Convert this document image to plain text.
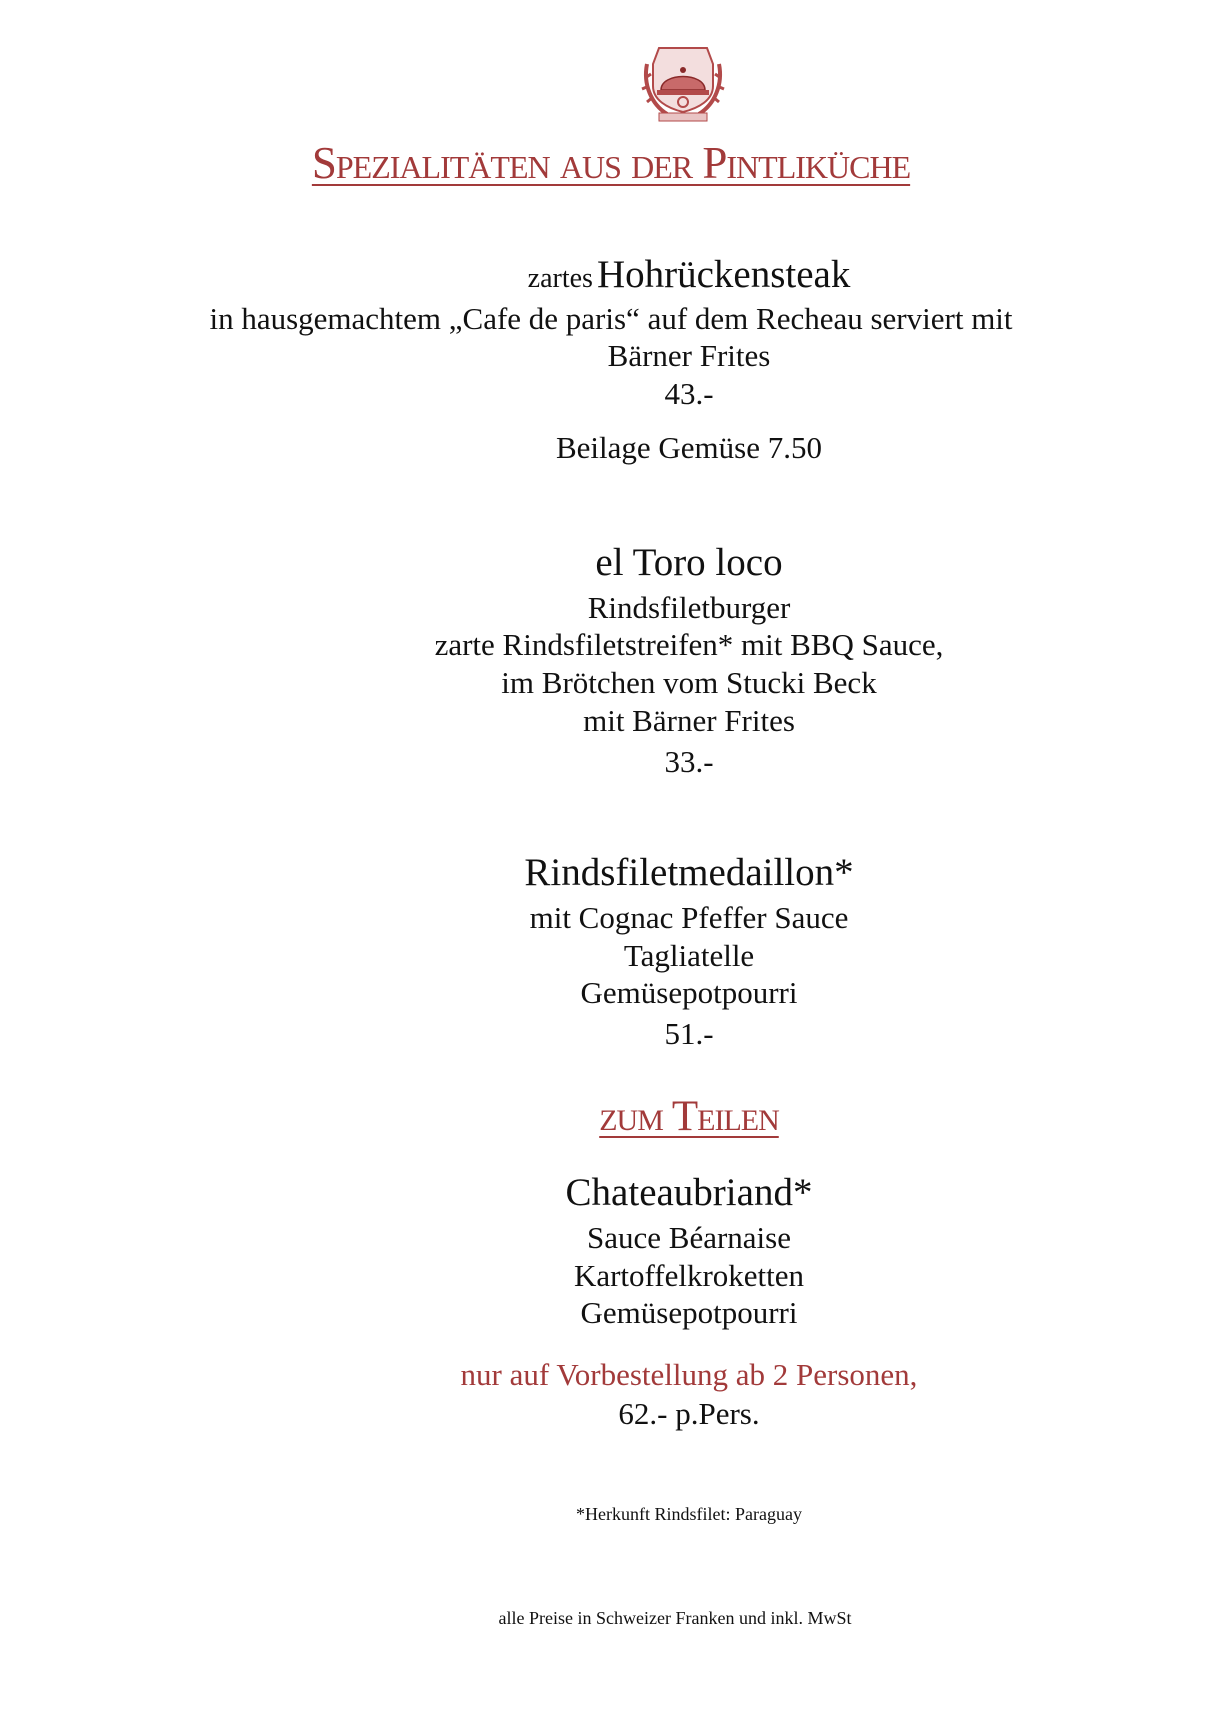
Spezialitäten aus der Pintliküche
zartes Hohrückensteak
in hausgemachtem „Cafe de paris“ auf dem Recheau serviert mit
Bärner Frites
43.-
Beilage Gemüse 7.50
el Toro loco
Rindsfiletburger
zarte Rindsfiletstreifen* mit BBQ Sauce,
im Brötchen vom Stucki Beck
mit Bärner Frites
33.-
Rindsfiletmedaillon*
mit Cognac Pfeffer Sauce
Tagliatelle
Gemüsepotpourri
51.-
zum Teilen
Chateaubriand*
Sauce Béarnaise
Kartoffelkroketten
Gemüsepotpourri
nur auf Vorbestellung ab 2 Personen,
62.- p.Pers.
*Herkunft Rindsfilet: Paraguay
alle Preise in Schweizer Franken und inkl. MwSt
